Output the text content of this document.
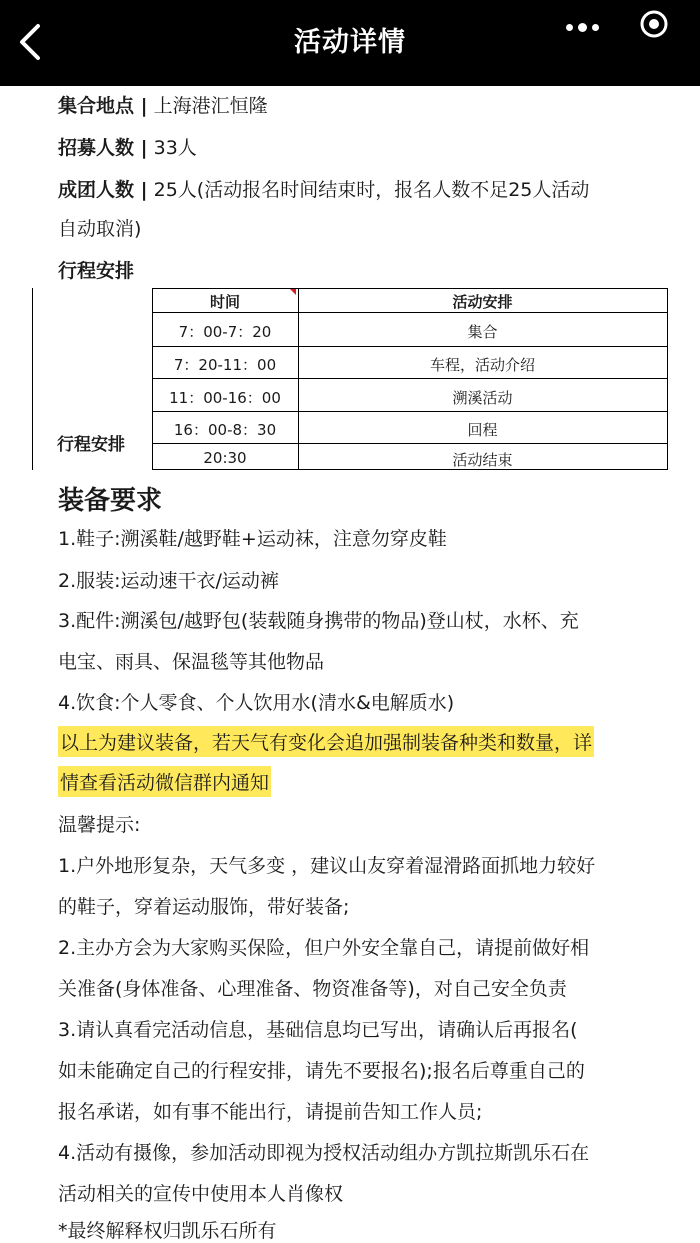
活动详情
集合地点 | 上海港汇恒隆
招募人数 | 33人
成团人数 | 25人(活动报名时间结束时，报名人数不足25人活动
自动取消)
行程安排
行程安排
时间	活动安排
7：00-7：20	集合
7：20-11：00	车程，活动介绍
11：00-16：00	溯溪活动
16：00-8：30	回程
20:30	活动结束
装备要求
1.鞋子:溯溪鞋/越野鞋+运动袜，注意勿穿皮鞋
2.服装:运动速干衣/运动裤
3.配件:溯溪包/越野包(装载随身携带的物品)登山杖，水杯、充
电宝、雨具、保温毯等其他物品
4.饮食:个人零食、个人饮用水(清水&电解质水)
以上为建议装备，若天气有变化会追加强制装备种类和数量，详
情查看活动微信群内通知
温馨提示:
1.户外地形复杂，天气多变 ，建议山友穿着湿滑路面抓地力较好
的鞋子，穿着运动服饰，带好装备;
2.主办方会为大家购买保险，但户外安全靠自己，请提前做好相
关准备(身体准备、心理准备、物资准备等)，对自己安全负责
3.请认真看完活动信息，基础信息均已写出，请确认后再报名(
如未能确定自己的行程安排，请先不要报名);报名后尊重自己的
报名承诺，如有事不能出行，请提前告知工作人员;
4.活动有摄像，参加活动即视为授权活动组办方凯拉斯凯乐石在
活动相关的宣传中使用本人肖像权
*最终解释权归凯乐石所有
